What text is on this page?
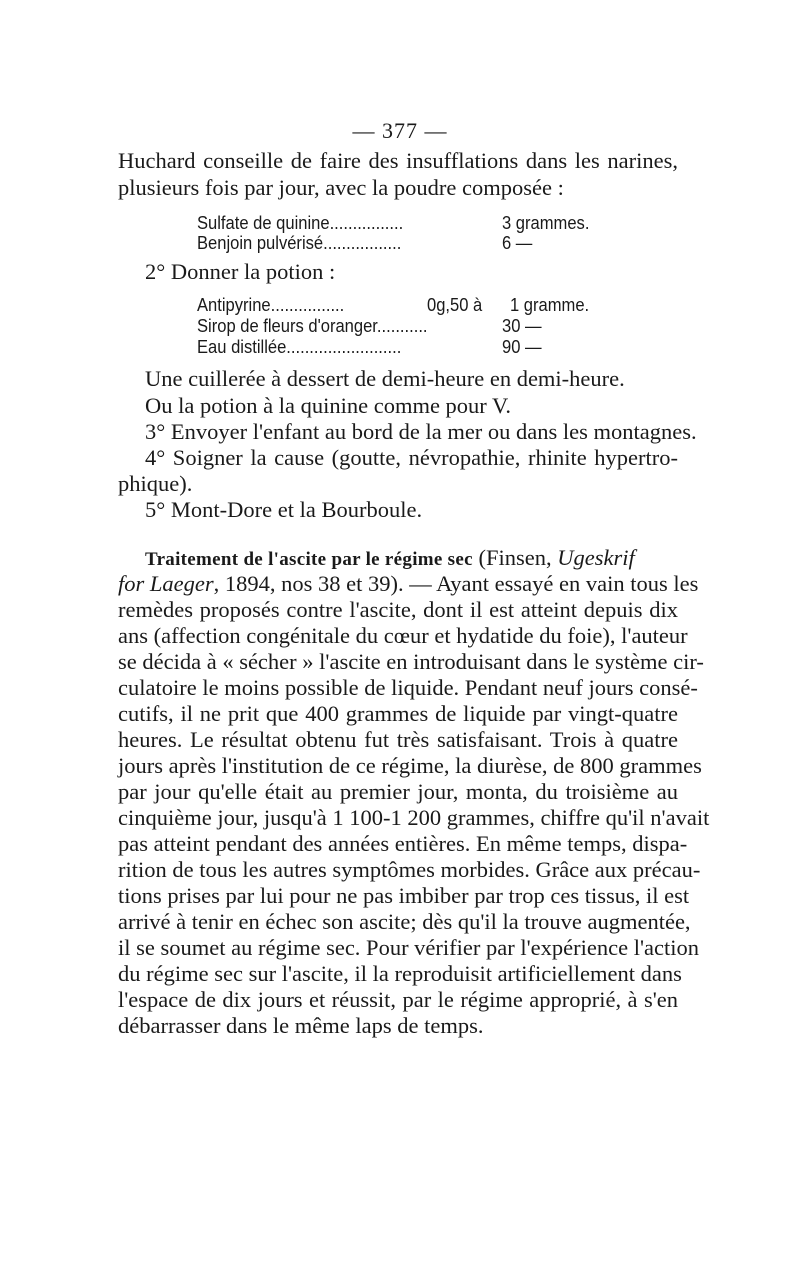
— 377 —
Huchard conseille de faire des insufflations dans les narines,
plusieurs fois par jour, avec la poudre composée :
Sulfate de quinine................	3 grammes.
Benjoin pulvérisé.................	6 —
2° Donner la potion :
Antipyrine................	0g,50 à 1 gramme.
Sirop de fleurs d'oranger...........	30 —
Eau distillée.........................	90 —
Une cuillerée à dessert de demi-heure en demi-heure.
Ou la potion à la quinine comme pour V.
3° Envoyer l'enfant au bord de la mer ou dans les montagnes.
4° Soigner la cause (goutte, névropathie, rhinite hypertro-
phique).
5° Mont-Dore et la Bourboule.
Traitement de l'ascite par le régime sec (Finsen, Ugeskrif
for Laeger, 1894, nos 38 et 39). — Ayant essayé en vain tous les
remèdes proposés contre l'ascite, dont il est atteint depuis dix
ans (affection congénitale du cœur et hydatide du foie), l'auteur
se décida à « sécher » l'ascite en introduisant dans le système cir-
culatoire le moins possible de liquide. Pendant neuf jours consé-
cutifs, il ne prit que 400 grammes de liquide par vingt-quatre
heures. Le résultat obtenu fut très satisfaisant. Trois à quatre
jours après l'institution de ce régime, la diurèse, de 800 grammes
par jour qu'elle était au premier jour, monta, du troisième au
cinquième jour, jusqu'à 1 100-1 200 grammes, chiffre qu'il n'avait
pas atteint pendant des années entières. En même temps, dispa-
rition de tous les autres symptômes morbides. Grâce aux précau-
tions prises par lui pour ne pas imbiber par trop ces tissus, il est
arrivé à tenir en échec son ascite; dès qu'il la trouve augmentée,
il se soumet au régime sec. Pour vérifier par l'expérience l'action
du régime sec sur l'ascite, il la reproduisit artificiellement dans
l'espace de dix jours et réussit, par le régime approprié, à s'en
débarrasser dans le même laps de temps.
